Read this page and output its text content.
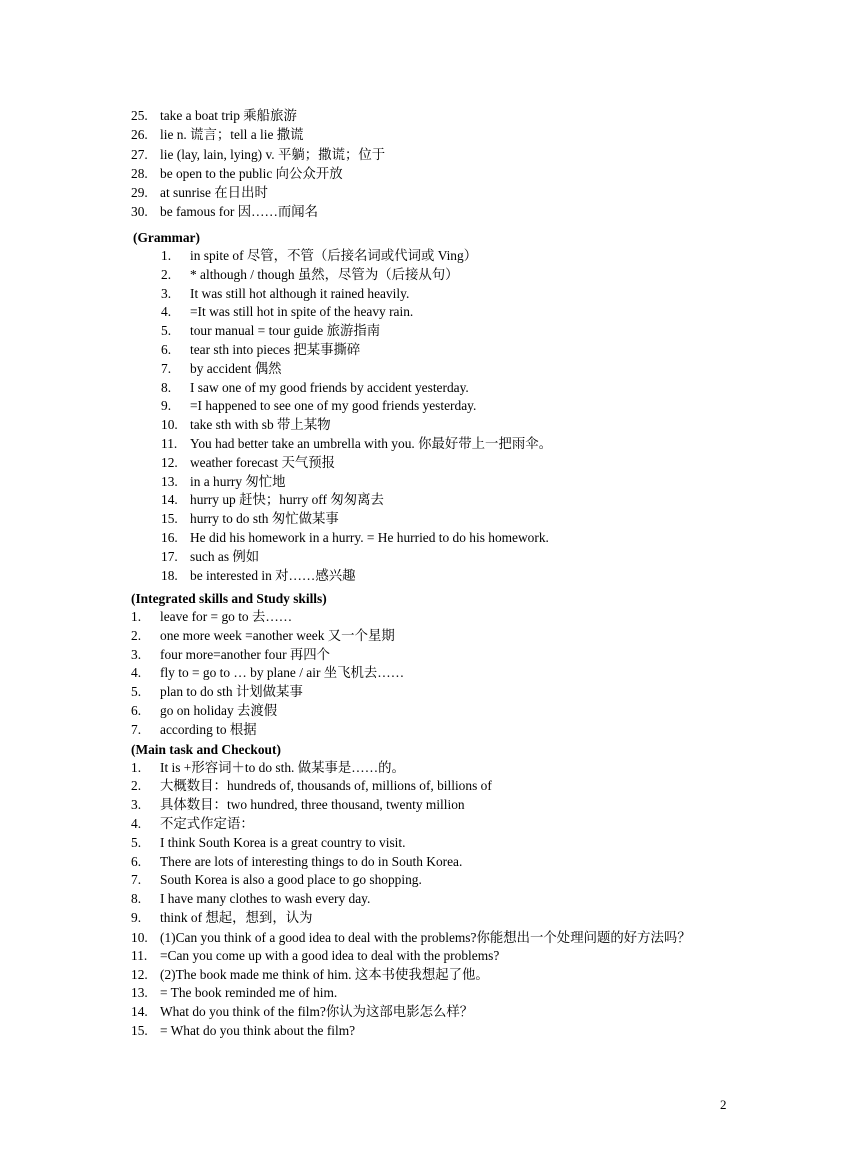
25. take a boat trip 乘船旅游
26. lie n. 谎言；tell a lie 撒谎
27. lie (lay, lain, lying) v. 平躺；撒谎；位于
28. be open to the public 向公众开放
29. at sunrise 在日出时
30. be famous for 因……而闻名
(Grammar)
1. in spite of 尽管，不管（后接名词或代词或 Ving）
2. * although / though 虽然，尽管为（后接从句）
3. It was still hot although it rained heavily.
4. =It was still hot in spite of the heavy rain.
5. tour manual = tour guide 旅游指南
6. tear sth into pieces 把某事撕碎
7. by accident 偶然
8. I saw one of my good friends by accident yesterday.
9. =I happened to see one of my good friends yesterday.
10. take sth with sb 带上某物
11. You had better take an umbrella with you. 你最好带上一把雨伞。
12. weather forecast 天气预报
13. in a hurry 匆忙地
14. hurry up 赶快；hurry off 匆匆离去
15. hurry to do sth 匆忙做某事
16. He did his homework in a hurry. = He hurried to do his homework.
17. such as 例如
18. be interested in 对……感兴趣
(Integrated skills and Study skills)
1. leave for = go to 去……
2. one more week =another week 又一个星期
3. four more=another four 再四个
4. fly to = go to … by plane / air 坐飞机去……
5. plan to do sth 计划做某事
6. go on holiday 去渡假
7. according to 根据
(Main task and Checkout)
1. It is +形容词＋to do sth. 做某事是……的。
2. 大概数目：hundreds of, thousands of, millions of, billions of
3. 具体数目：two hundred, three thousand, twenty million
4. 不定式作定语：
5. I think South Korea is a great country to visit.
6. There are lots of interesting things to do in South Korea.
7. South Korea is also a good place to go shopping.
8. I have many clothes to wash every day.
9. think of 想起，想到，认为
10. (1)Can you think of a good idea to deal with the problems?你能想出一个处理问题的好方法吗？
11. =Can you come up with a good idea to deal with the problems?
12. (2)The book made me think of him. 这本书使我想起了他。
13. = The book reminded me of him.
14. What do you think of the film?你认为这部电影怎么样？
15. = What do you think about the film?
2
